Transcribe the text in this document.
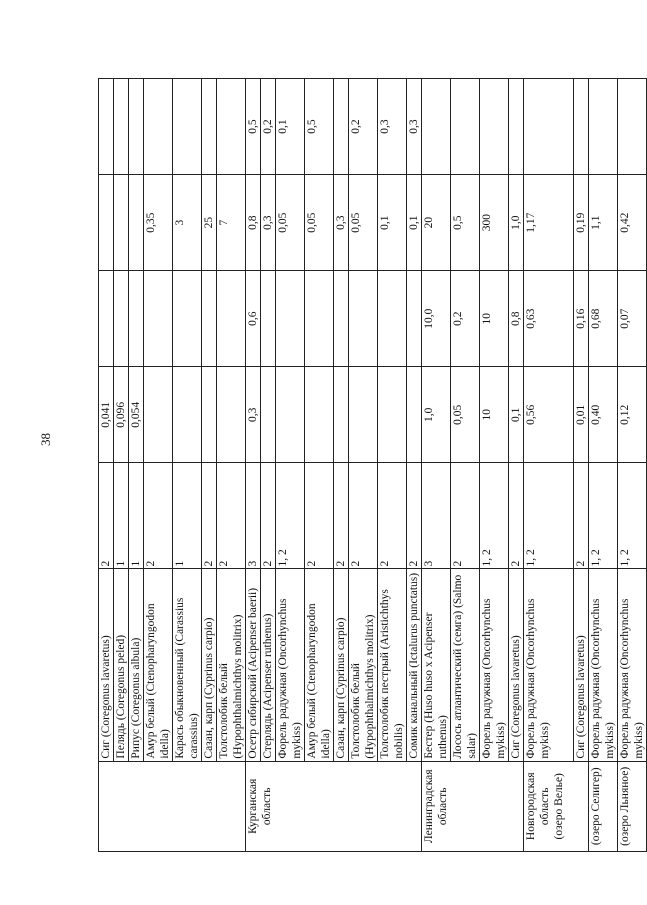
38
	Сиг (Coregonus lavaretus)	2	0,041			
	Пелядь (Coregonus peled)	1	0,096			
	Рипус (Coregonus albula)	1	0,054			
	Амур белый (Ctenopharyngodon idella)	2			0,35	
	Карась обыкновенный (Carassius carassius)	1			3	
	Сазан, карп (Cyprinus carpio)	2			25	
	Толстолобик белый (Hypophthalmichthys molitrix)	2			7	

Курганская область	Осетр сибирский (Acipenser baerii)	3	0,3	0,6	0,8	0,5
	Стерлядь (Acipenser ruthenus)	2			0,3	0,2
	Форель радужная (Oncorhynchus mykiss)	1, 2			0,05	0,1
	Амур белый (Ctenopharyngodon idella)	2			0,05	0,5
	Сазан, карп (Cyprinus carpio)	2			0,3	
	Толстолобик белый (Hypophthalmichthys molitrix)	2			0,05	0,2
	Толстолобик пестрый (Aristichthys nobilis)	2			0,1	0,3
	Сомик канальный (Ictalurus punctatus)	2			0,1	0,3

Ленинградская область	Бестер (Huso huso x Acipenser ruthenus)	3	1,0	10,0	20	
	Лосось атлантический (семга) (Salmo salar)	2	0,05	0,2	0,5	
	Форель радужная (Oncorhynchus mykiss)	1, 2	10	10	300	
	Сиг (Coregonus lavaretus)	2	0,1	0,8	1,0	

Новгородская область (озеро Велье)	Форель радужная (Oncorhynchus mykiss)	1, 2	0,56	0,63	1,17	
	Сиг (Coregonus lavaretus)	2	0,01	0,16	0,19	

(озеро Селигер)	Форель радужная (Oncorhynchus mykiss)	1, 2	0,40	0,68	1,1	

(озеро Льняное)	Форель радужная (Oncorhynchus mykiss)	1, 2	0,12	0,07	0,42	
